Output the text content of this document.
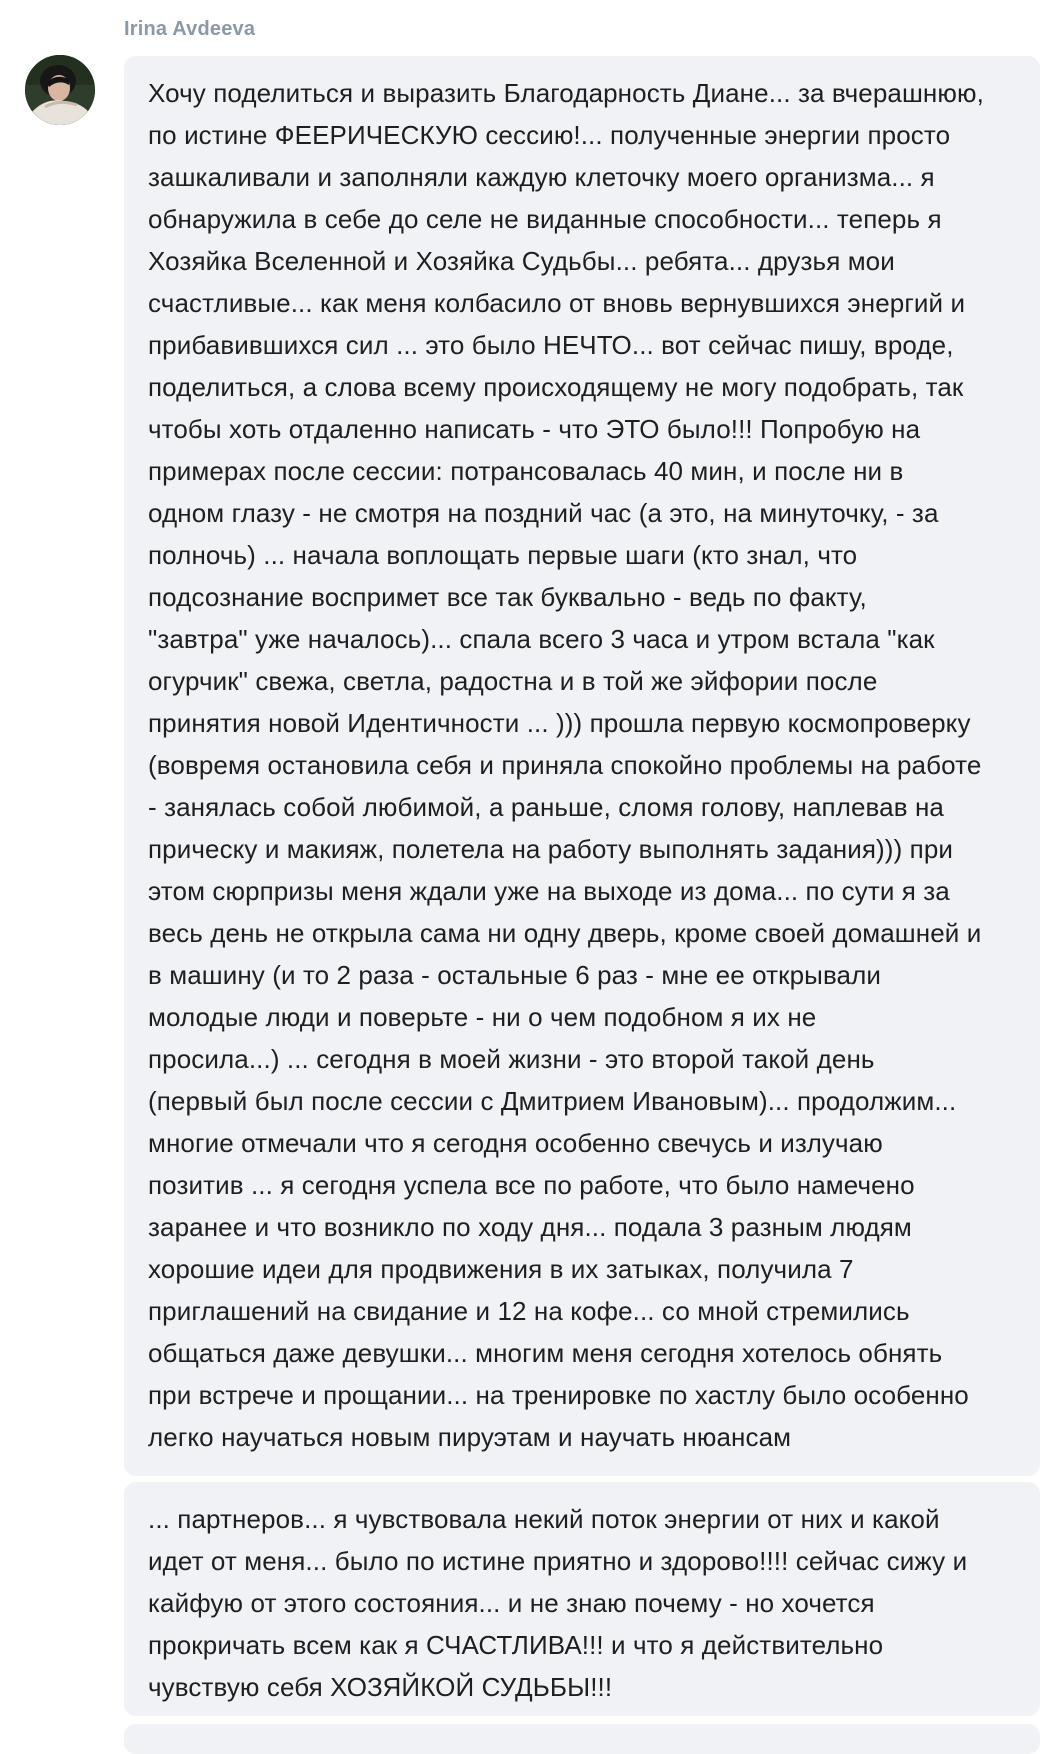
Irina Avdeeva
Хочу поделиться и выразить Благодарность Диане... за вчерашнюю,
по истине ФЕЕРИЧЕСКУЮ сессию!... полученные энергии просто
зашкаливали и заполняли каждую клеточку моего организма... я
обнаружила в себе до селе не виданные способности... теперь я
Хозяйка Вселенной и Хозяйка Судьбы... ребята... друзья мои
счастливые... как меня колбасило от вновь вернувшихся энергий и
прибавившихся сил ... это было НЕЧТО... вот сейчас пишу, вроде,
поделиться, а слова всему происходящему не могу подобрать, так
чтобы хоть отдаленно написать - что ЭТО было!!! Попробую на
примерах после сессии: потрансовалась 40 мин, и после ни в
одном глазу - не смотря на поздний час (а это, на минуточку, - за
полночь) ... начала воплощать первые шаги (кто знал, что
подсознание воспримет все так буквально - ведь по факту,
"завтра" уже началось)... спала всего 3 часа и утром встала "как
огурчик" свежа, светла, радостна и в той же эйфории после
принятия новой Идентичности ... ))) прошла первую космопроверку
(вовремя остановила себя и приняла спокойно проблемы на работе
- занялась собой любимой, а раньше, сломя голову, наплевав на
прическу и макияж, полетела на работу выполнять задания))) при
этом сюрпризы меня ждали уже на выходе из дома... по сути я за
весь день не открыла сама ни одну дверь, кроме своей домашней и
в машину (и то 2 раза - остальные 6 раз - мне ее открывали
молодые люди и поверьте - ни о чем подобном я их не
просила...) ... сегодня в моей жизни - это второй такой день
(первый был после сессии с Дмитрием Ивановым)... продолжим...
многие отмечали что я сегодня особенно свечусь и излучаю
позитив ... я сегодня успела все по работе, что было намечено
заранее и что возникло по ходу дня... подала 3 разным людям
хорошие идеи для продвижения в их затыках, получила 7
приглашений на свидание и 12 на кофе... со мной стремились
общаться даже девушки... многим меня сегодня хотелось обнять
при встрече и прощании... на тренировке по хастлу было особенно
легко научаться новым пируэтам и научать нюансам
... партнеров... я чувствовала некий поток энергии от них и какой
идет от меня... было по истине приятно и здорово!!!! сейчас сижу и
кайфую от этого состояния... и не знаю почему - но хочется
прокричать всем как я СЧАСТЛИВА!!! и что я действительно
чувствую себя ХОЗЯЙКОЙ СУДЬБЫ!!!
